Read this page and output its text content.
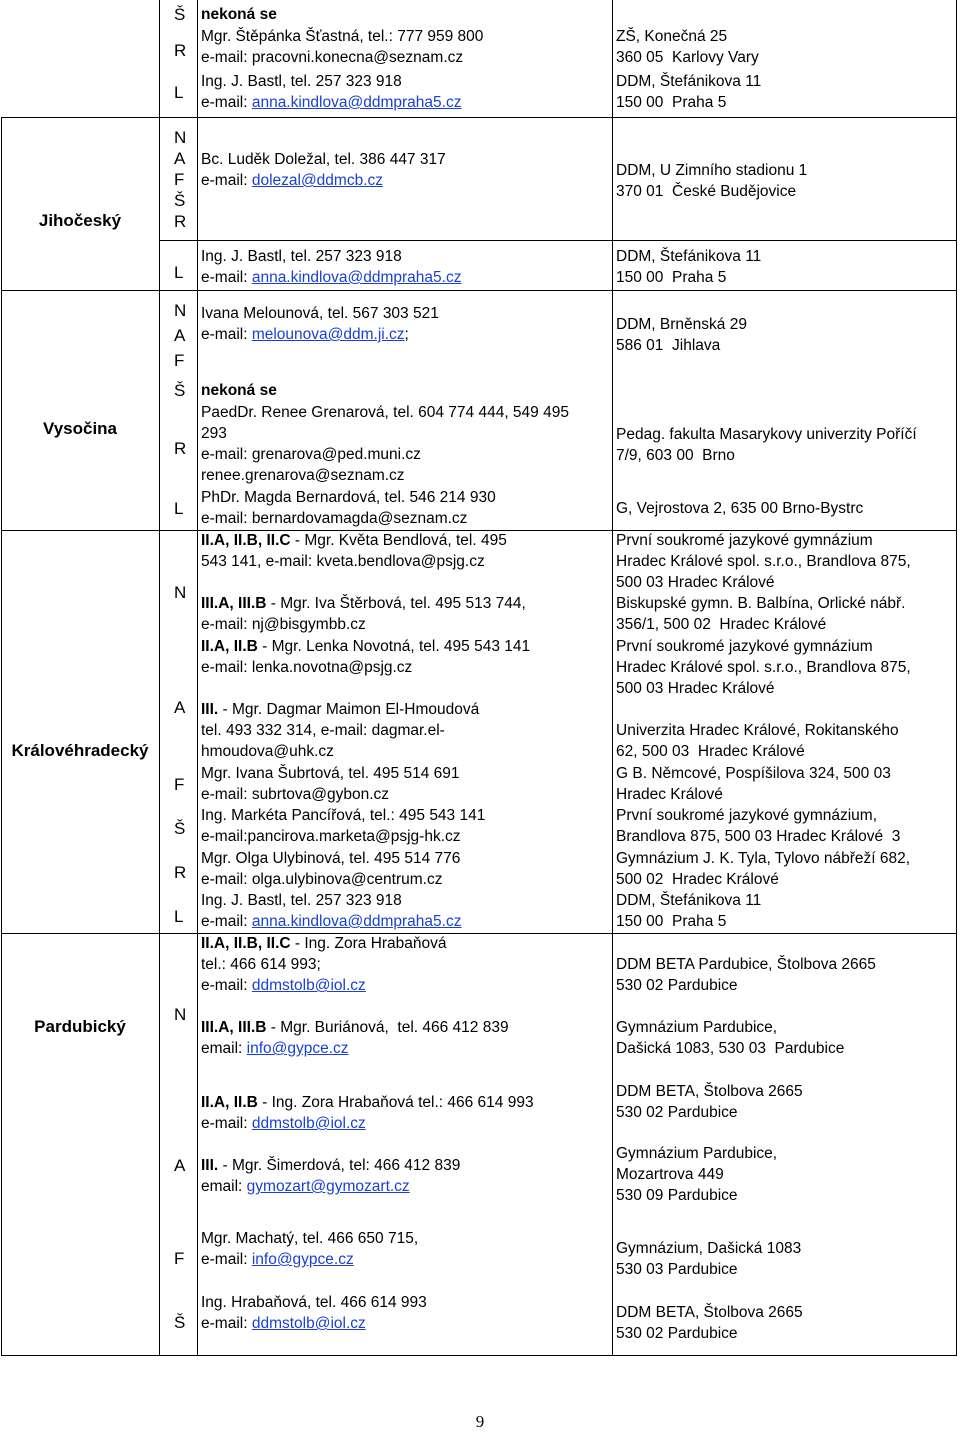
Jihočeský
Vysočina
Královéhradecký
Pardubický
Š
R
L
N
A
F
Š
R
L
N
A
F
Š
R
L
N
A
F
Š
R
L
N
A
F
Š
nekoná se
Mgr. Štěpánka Šťastná, tel.: 777 959 800
e-mail: pracovni.konecna@seznam.cz
Ing. J. Bastl, tel. 257 323 918
e-mail: anna.kindlova@ddmpraha5.cz
Bc. Luděk Doležal, tel. 386 447 317
e-mail: dolezal@ddmcb.cz
Ing. J. Bastl, tel. 257 323 918
e-mail: anna.kindlova@ddmpraha5.cz
Ivana Melounová, tel. 567 303 521
e-mail: melounova@ddm.ji.cz;
nekoná se
PaedDr. Renee Grenarová, tel. 604 774 444, 549 495
293
e-mail: grenarova@ped.muni.cz
renee.grenarova@seznam.cz
PhDr. Magda Bernardová, tel. 546 214 930
e-mail: bernardovamagda@seznam.cz
II.A, II.B, II.C - Mgr. Květa Bendlová, tel. 495
543 141, e-mail: kveta.bendlova@psjg.cz
III.A, III.B - Mgr. Iva Štěrbová, tel. 495 513 744,
e-mail: nj@bisgymbb.cz
II.A, II.B - Mgr. Lenka Novotná, tel. 495 543 141
e-mail: lenka.novotna@psjg.cz
III. - Mgr. Dagmar Maimon El-Hmoudová
tel. 493 332 314, e-mail: dagmar.el-
hmoudova@uhk.cz
Mgr. Ivana Šubrtová, tel. 495 514 691
e-mail: subrtova@gybon.cz
Ing. Markéta Pancířová, tel.: 495 543 141
e-mail:pancirova.marketa@psjg-hk.cz
Mgr. Olga Ulybinová, tel. 495 514 776
e-mail: olga.ulybinova@centrum.cz
Ing. J. Bastl, tel. 257 323 918
e-mail: anna.kindlova@ddmpraha5.cz
II.A, II.B, II.C - Ing. Zora Hrabaňová
tel.: 466 614 993;
e-mail: ddmstolb@iol.cz
III.A, III.B - Mgr. Buriánová,  tel. 466 412 839
email: info@gypce.cz
II.A, II.B - Ing. Zora Hrabaňová tel.: 466 614 993
e-mail: ddmstolb@iol.cz
III. - Mgr. Šimerdová, tel: 466 412 839
email: gymozart@gymozart.cz
Mgr. Machatý, tel. 466 650 715,
e-mail: info@gypce.cz
Ing. Hrabaňová, tel. 466 614 993
e-mail: ddmstolb@iol.cz
ZŠ, Konečná 25
360 05  Karlovy Vary
DDM, Štefánikova 11
150 00  Praha 5
DDM, U Zimního stadionu 1
370 01  České Budějovice
DDM, Štefánikova 11
150 00  Praha 5
DDM, Brněnská 29
586 01  Jihlava
Pedag. fakulta Masarykovy univerzity Poříčí
7/9, 603 00  Brno
G, Vejrostova 2, 635 00 Brno-Bystrc
První soukromé jazykové gymnázium
Hradec Králové spol. s.r.o., Brandlova 875,
500 03 Hradec Králové
Biskupské gymn. B. Balbína, Orlické nábř.
356/1, 500 02  Hradec Králové
První soukromé jazykové gymnázium
Hradec Králové spol. s.r.o., Brandlova 875,
500 03 Hradec Králové
Univerzita Hradec Králové, Rokitanského
62, 500 03  Hradec Králové
G B. Němcové, Pospíšilova 324, 500 03
Hradec Králové
První soukromé jazykové gymnázium,
Brandlova 875, 500 03 Hradec Králové  3
Gymnázium J. K. Tyla, Tylovo nábřeží 682,
500 02  Hradec Králové
DDM, Štefánikova 11
150 00  Praha 5
DDM BETA Pardubice, Štolbova 2665
530 02 Pardubice
Gymnázium Pardubice,
Dašická 1083, 530 03  Pardubice
DDM BETA, Štolbova 2665
530 02 Pardubice
Gymnázium Pardubice,
Mozartrova 449
530 09 Pardubice
Gymnázium, Dašická 1083
530 03 Pardubice
DDM BETA, Štolbova 2665
530 02 Pardubice
9
